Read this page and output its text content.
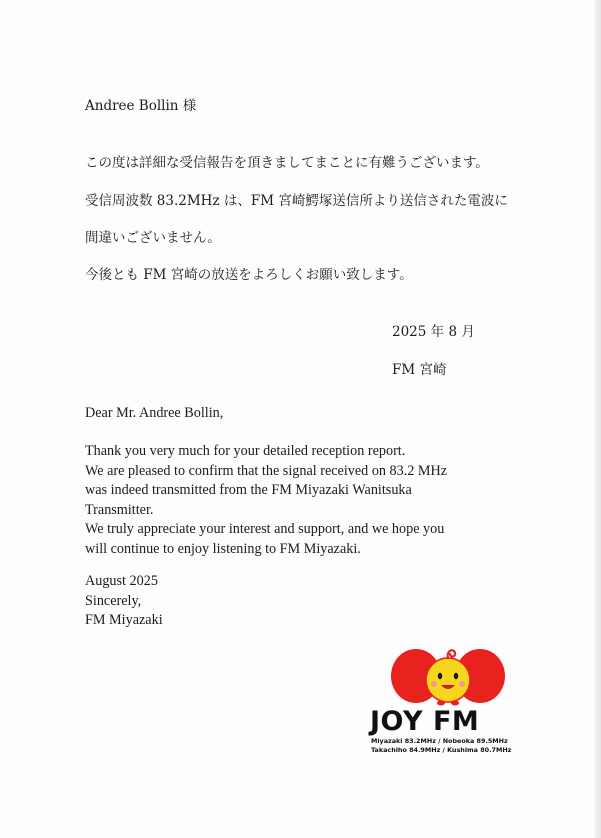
Andree Bollin 様
この度は詳細な受信報告を頂きましてまことに有難うございます。
受信周波数 83.2MHz は、FM 宮崎鰐塚送信所より送信された電波に
間違いございません。
今後とも FM 宮崎の放送をよろしくお願い致します。
2025 年 8 月
FM 宮崎
Dear Mr. Andree Bollin,
Thank you very much for your detailed reception report.
We are pleased to confirm that the signal received on 83.2 MHz
was indeed transmitted from the FM Miyazaki Wanitsuka
Transmitter.
We truly appreciate your interest and support, and we hope you
will continue to enjoy listening to FM Miyazaki.
August 2025
Sincerely,
FM Miyazaki
JOY FM
Miyazaki 83.2MHz / Nobeoka 89.5MHz
Takachiho 84.9MHz / Kushima 80.7MHz
